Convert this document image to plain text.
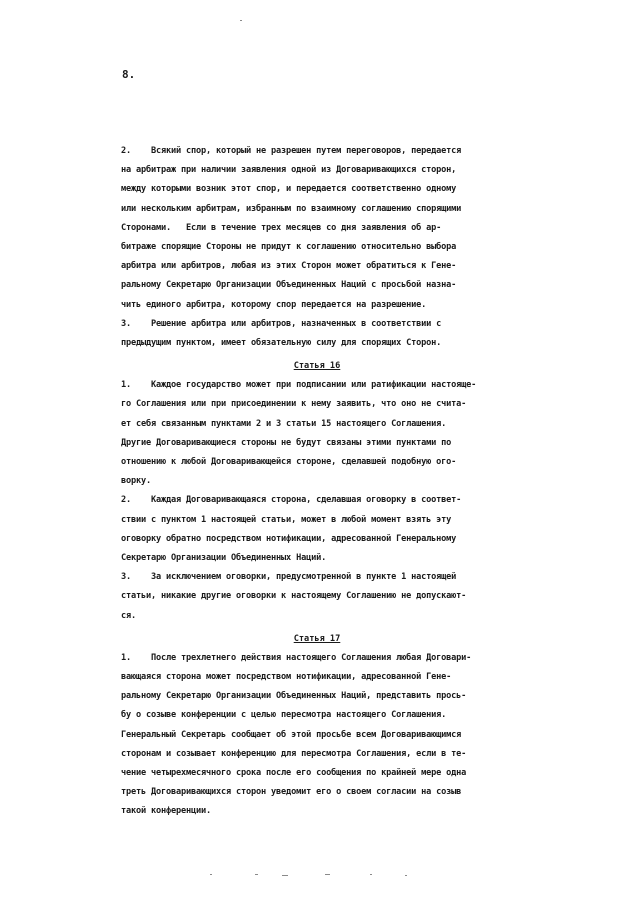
8.
2.    Всякий спор, который не разрешен путем переговоров, передается
на арбитраж при наличии заявления одной из Договаривающихся сторон,
между которыми возник этот спор, и передается соответственно одному
или нескольким арбитрам, избранным по взаимному соглашению спорящими
Сторонами.   Если в течение трех месяцев со дня заявления об ар-
битраже спорящие Стороны не придут к соглашению относительно выбора
арбитра или арбитров, любая из этих Сторон может обратиться к Гене-
ральному Секретарю Организации Объединенных Наций с просьбой назна-
чить единого арбитра, которому спор передается на разрешение.
3.    Решение арбитра или арбитров, назначенных в соответствии с
предыдущим пунктом, имеет обязательную силу для спорящих Сторон.
Статья 16
1.    Каждое государство может при подписании или ратификации настояще-
го Соглашения или при присоединении к нему заявить, что оно не счита-
ет себя связанным пунктами 2 и 3 статьи 15 настоящего Соглашения.
Другие Договаривающиеся стороны не будут связаны этими пунктами по
отношению к любой Договаривающейся стороне, сделавшей подобную ого-
ворку.
2.    Каждая Договаривающаяся сторона, сделавшая оговорку в соответ-
ствии с пунктом 1 настоящей статьи, может в любой момент взять эту
оговорку обратно посредством нотификации, адресованной Генеральному
Секретарю Организации Объединенных Наций.
3.    За исключением оговорки, предусмотренной в пункте 1 настоящей
статьи, никакие другие оговорки к настоящему Соглашению не допускают-
ся.
Статья 17
1.    После трехлетнего действия настоящего Соглашения любая Договари-
вающаяся сторона может посредством нотификации, адресованной Гене-
ральному Секретарю Организации Объединенных Наций, представить прось-
бу о созыве конференции с целью пересмотра настоящего Соглашения.
Генеральный Секретарь сообщает об этой просьбе всем Договаривающимся
сторонам и созывает конференцию для пересмотра Соглашения, если в те-
чение четырехмесячного срока после его сообщения по крайней мере одна
треть Договаривающихся сторон уведомит его о своем согласии на созыв
такой конференции.
